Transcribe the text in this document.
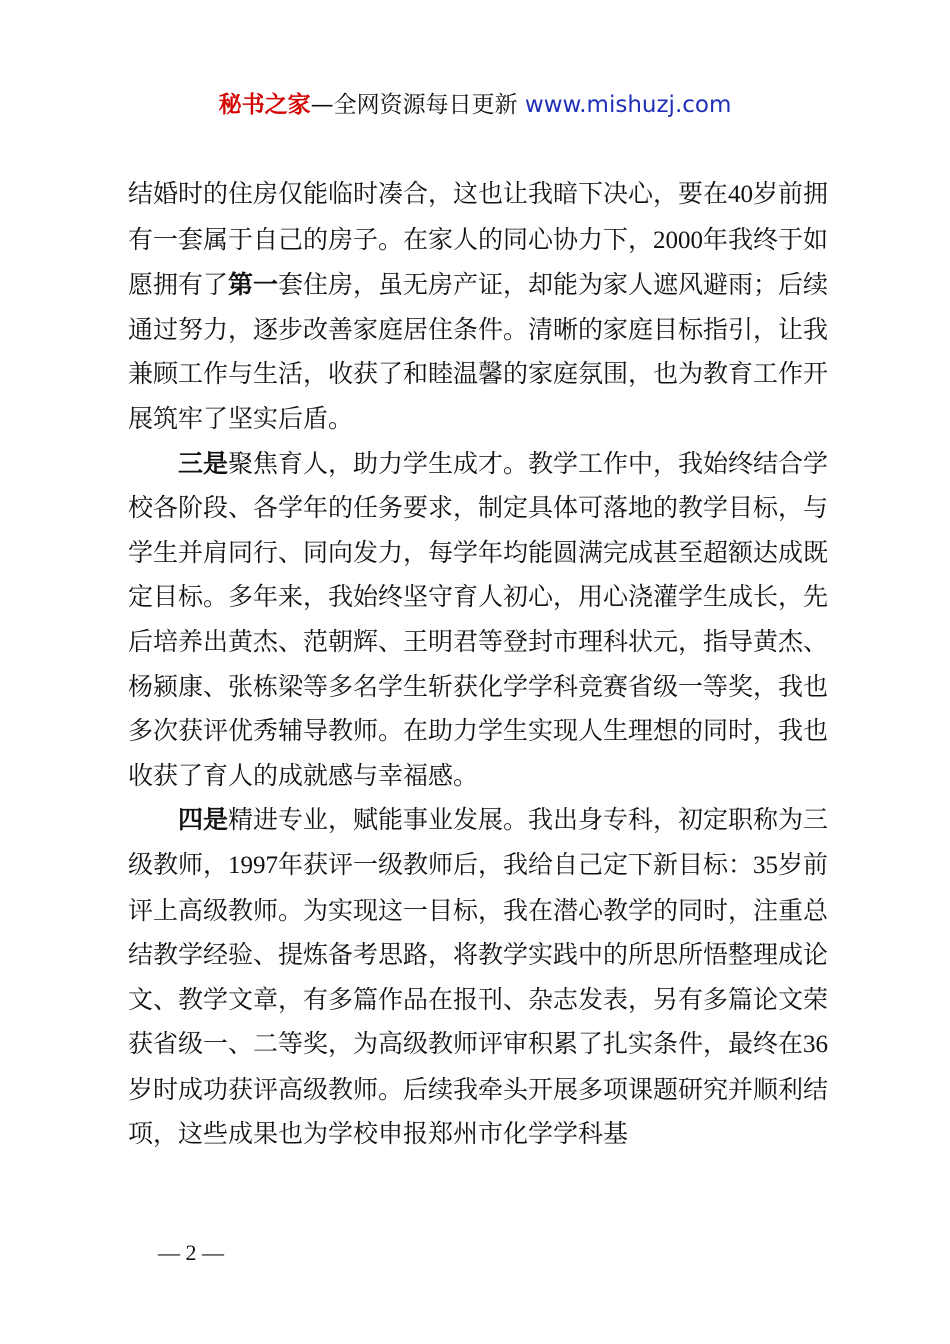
秘书之家—全网资源每日更新 www.mishuzj.com

结婚时的住房仅能临时凑合，这也让我暗下决心，要在40岁前拥有一套属于自己的房子。在家人的同心协力下，2000年我终于如愿拥有了第一套住房，虽无房产证，却能为家人遮风避雨；后续通过努力，逐步改善家庭居住条件。清晰的家庭目标指引，让我兼顾工作与生活，收获了和睦温馨的家庭氛围，也为教育工作开展筑牢了坚实后盾。

三是聚焦育人，助力学生成才。教学工作中，我始终结合学校各阶段、各学年的任务要求，制定具体可落地的教学目标，与学生并肩同行、同向发力，每学年均能圆满完成甚至超额达成既定目标。多年来，我始终坚守育人初心，用心浇灌学生成长，先后培养出黄杰、范朝辉、王明君等登封市理科状元，指导黄杰、杨颍康、张栋梁等多名学生斩获化学学科竞赛省级一等奖，我也多次获评优秀辅导教师。在助力学生实现人生理想的同时，我也收获了育人的成就感与幸福感。

四是精进专业，赋能事业发展。我出身专科，初定职称为三级教师，1997年获评一级教师后，我给自己定下新目标：35岁前评上高级教师。为实现这一目标，我在潜心教学的同时，注重总结教学经验、提炼备考思路，将教学实践中的所思所悟整理成论文、教学文章，有多篇作品在报刊、杂志发表，另有多篇论文荣获省级一、二等奖，为高级教师评审积累了扎实条件，最终在36岁时成功获评高级教师。后续我牵头开展多项课题研究并顺利结项，这些成果也为学校申报郑州市化学学科基

— 2 —
